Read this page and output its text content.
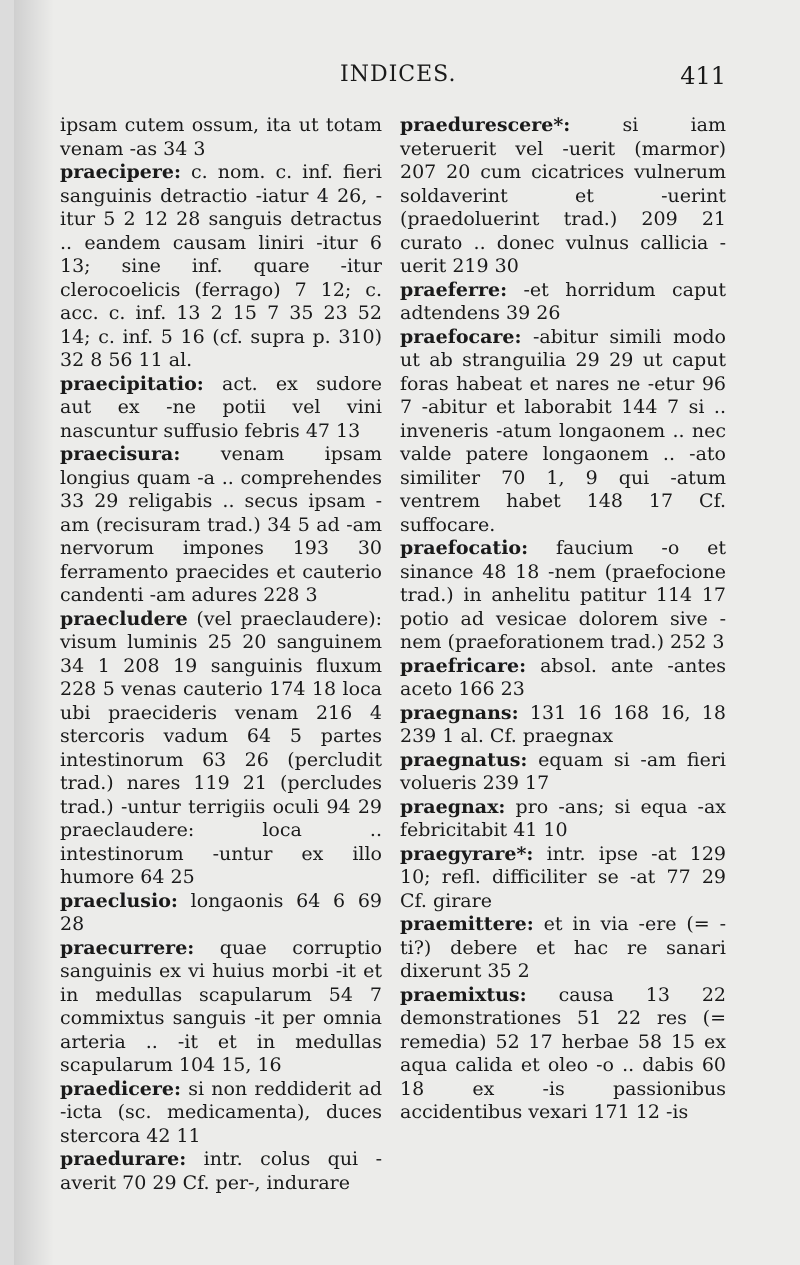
INDICES.	411

ipsam cutem ossum, ita ut totam venam -as 34 3

praecipere: c. nom. c. inf. fieri sanguinis detractio -iatur 4 26, -itur 5 2 12 28 sanguis detractus .. eandem causam liniri -itur 6 13; sine inf. quare -itur clerocoelicis (ferrago) 7 12; c. acc. c. inf. 13 2 15 7 35 23 52 14; c. inf. 5 16 (cf. supra p. 310) 32 8 56 11 al.

praecipitatio: act. ex sudore aut ex -ne potii vel vini nascuntur suffusio febris 47 13

praecisura: venam ipsam longius quam -a .. comprehendes 33 29 religabis .. secus ipsam -am (recisuram trad.) 34 5 ad -am nervorum impones 193 30 ferramento praecides et cauterio candenti -am adures 228 3

praecludere (vel praeclaudere): visum luminis 25 20 sanguinem 34 1 208 19 sanguinis fluxum 228 5 venas cauterio 174 18 loca ubi praecideris venam 216 4 stercoris vadum 64 5 partes intestinorum 63 26 (percludit trad.) nares 119 21 (percludes trad.) -untur terrigiis oculi 94 29 praeclaudere: loca .. intestinorum -untur ex illo humore 64 25

praeclusio: longaonis 64 6 69 28

praecurrere: quae corruptio sanguinis ex vi huius morbi -it et in medullas scapularum 54 7 commixtus sanguis -it per omnia arteria .. -it et in medullas scapularum 104 15, 16

praedicere: si non reddiderit ad -icta (sc. medicamenta), duces stercora 42 11

praedurare: intr. colus qui -averit 70 29 Cf. per-, indurare

praedurescere*:	si iam veteruerit vel -uerit (marmor) 207 20 cum cicatrices vulnerum soldaverint et -uerint (praedoluerint trad.) 209 21 curato .. donec vulnus callicia -uerit 219 30

praeferre: -et horridum caput adtendens 39 26

praefocare: -abitur simili modo ut ab stranguilia 29 29 ut caput foras habeat et nares ne -etur 96 7 -abitur et laborabit 144 7 si .. inveneris -atum longaonem .. nec valde patere longaonem .. -ato similiter 70 1, 9 qui -atum ventrem habet 148 17 Cf. suffocare.

praefocatio: faucium -o et sinance 48 18 -nem (praefocione trad.) in anhelitu patitur 114 17 potio ad vesicae dolorem sive -nem (praeforationem trad.) 252 3

praefricare: absol. ante -antes aceto 166 23

praegnans: 131 16 168 16, 18 239 1 al. Cf. praegnax

praegnatus: equam si -am fieri volueris 239 17

praegnax: pro -ans; si equa -ax febricitabit 41 10

praegyrare*: intr. ipse -at 129 10; refl. difficiliter se -at 77 29 Cf. girare

praemittere: et in via -ere (= -ti?) debere et hac re sanari dixerunt 35 2

praemixtus: causa 13 22 demonstrationes 51 22 res (= remedia) 52 17 herbae 58 15 ex aqua calida et oleo -o .. dabis 60 18 ex -is passionibus accidentibus vexari 171 12 -is
